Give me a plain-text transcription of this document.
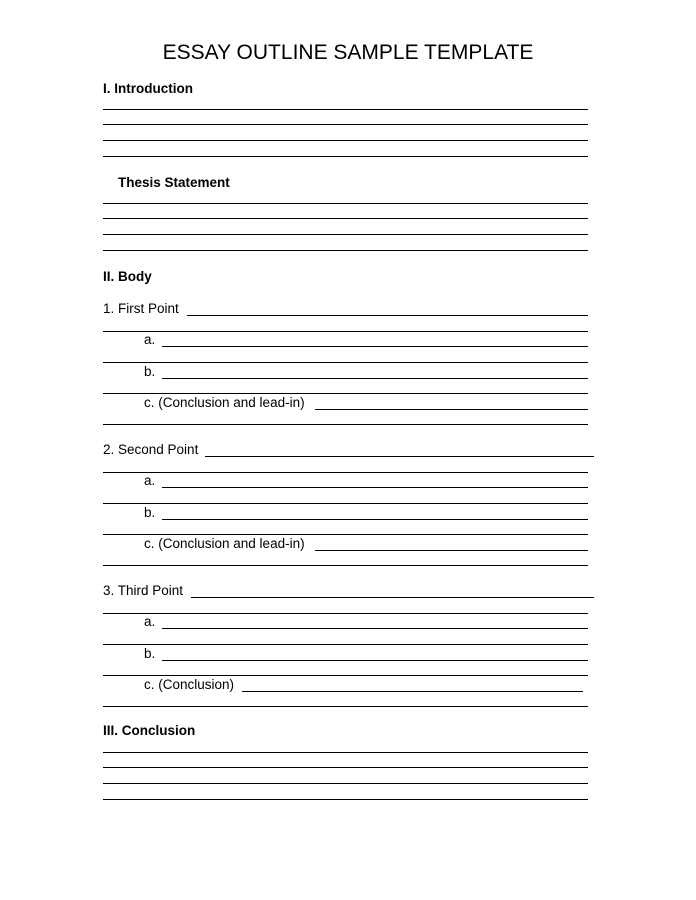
ESSAY OUTLINE SAMPLE TEMPLATE
I. Introduction
Thesis Statement
II. Body
1. First Point
a.
b.
c. (Conclusion and lead-in)
2. Second Point
a.
b.
c. (Conclusion and lead-in)
3. Third Point
a.
b.
c. (Conclusion)
III. Conclusion
